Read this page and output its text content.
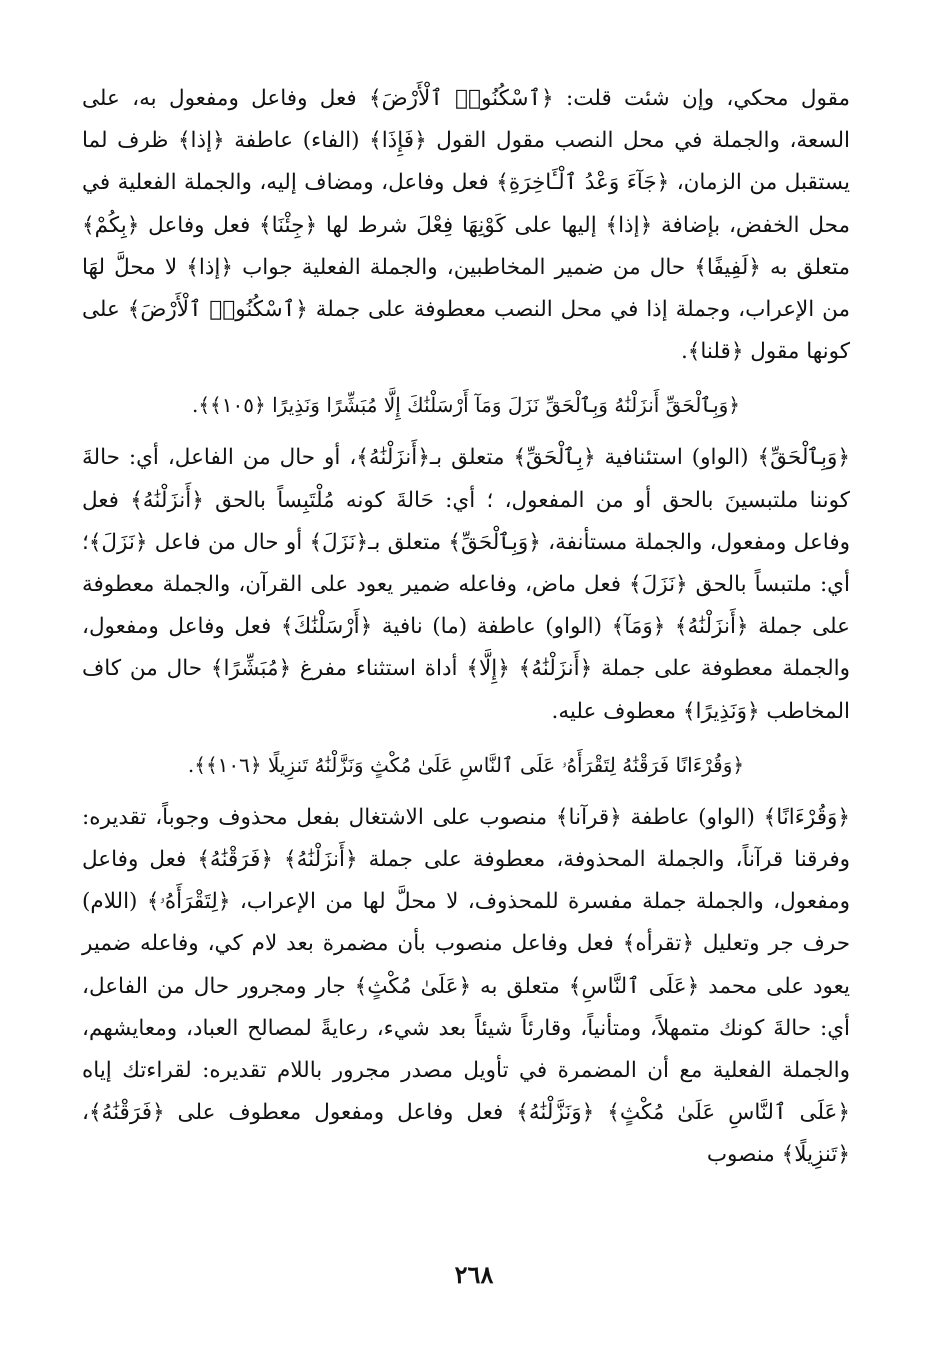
مقول محكي، وإن شئت قلت: ﴿ٱسْكُنُوا۟ ٱلْأَرْضَ﴾ فعل وفاعل ومفعول به، على السعة، والجملة في محل النصب مقول القول ﴿فَإِذَا﴾ (الفاء) عاطفة ﴿إذا﴾ ظرف لما يستقبل من الزمان، ﴿جَآءَ وَعْدُ ٱلْـَٔاخِرَةِ﴾ فعل وفاعل، ومضاف إليه، والجملة الفعلية في محل الخفض، بإضافة ﴿إذا﴾ إليها على كَوْنِهَا فِعْلَ شرط لها ﴿جِئْنَا﴾ فعل وفاعل ﴿بِكُمْ﴾ متعلق به ﴿لَفِيفًا﴾ حال من ضمير المخاطبين، والجملة الفعلية جواب ﴿إذا﴾ لا محلَّ لهَا من الإعراب، وجملة إذا في محل النصب معطوفة على جملة ﴿ٱسْكُنُوا۟ ٱلْأَرْضَ﴾ على كونها مقول ﴿قلنا﴾.

﴿وَبِٱلْحَقِّ أَنزَلْنَٰهُ وَبِٱلْحَقِّ نَزَلَ وَمَآ أَرْسَلْنَٰكَ إِلَّا مُبَشِّرًا وَنَذِيرًا ﴿١٠٥﴾﴾.

﴿وَبِٱلْحَقِّ﴾ (الواو) استئنافية ﴿بِٱلْحَقِّ﴾ متعلق بـ﴿أَنزَلْنَٰهُ﴾، أو حال من الفاعل، أي: حالةَ كوننا ملتبسينَ بالحق أو من المفعول، ؛ أي: حَالةَ كونه مُلْتَبِساً بالحق ﴿أَنزَلْنَٰهُ﴾ فعل وفاعل ومفعول، والجملة مستأنفة، ﴿وَبِٱلْحَقِّ﴾ متعلق بـ﴿نَزَلَ﴾ أو حال من فاعل ﴿نَزَلَ﴾؛ أي: ملتبساً بالحق ﴿نَزَلَ﴾ فعل ماض، وفاعله ضمير يعود على القرآن، والجملة معطوفة على جملة ﴿أَنزَلْنَٰهُ﴾ ﴿وَمَآ﴾ (الواو) عاطفة (ما) نافية ﴿أَرْسَلْنَٰكَ﴾ فعل وفاعل ومفعول، والجملة معطوفة على جملة ﴿أَنزَلْنَٰهُ﴾ ﴿إِلَّا﴾ أداة استثناء مفرغ ﴿مُبَشِّرًا﴾ حال من كاف المخاطب ﴿وَنَذِيرًا﴾ معطوف عليه.

﴿وَقُرْءَانًا فَرَقْنَٰهُ لِتَقْرَأَهُۥ عَلَى ٱلنَّاسِ عَلَىٰ مُكْثٍ وَنَزَّلْنَٰهُ تَنزِيلًا ﴿١٠٦﴾﴾.

﴿وَقُرْءَانًا﴾ (الواو) عاطفة ﴿قرآنا﴾ منصوب على الاشتغال بفعل محذوف وجوباً، تقديره: وفرقنا قرآناً، والجملة المحذوفة، معطوفة على جملة ﴿أَنزَلْنَٰهُ﴾ ﴿فَرَقْنَٰهُ﴾ فعل وفاعل ومفعول، والجملة جملة مفسرة للمحذوف، لا محلَّ لها من الإعراب، ﴿لِتَقْرَأَهُۥ﴾ (اللام) حرف جر وتعليل ﴿تقرأه﴾ فعل وفاعل منصوب بأن مضمرة بعد لام كي، وفاعله ضمير يعود على محمد ﴿عَلَى ٱلنَّاسِ﴾ متعلق به ﴿عَلَىٰ مُكْثٍ﴾ جار ومجرور حال من الفاعل، أي: حالةَ كونك متمهلاً، ومتأنياً، وقارئاً شيئاً بعد شيء، رعايةً لمصالح العباد، ومعايشهم، والجملة الفعلية مع أن المضمرة في تأويل مصدر مجرور باللام تقديره: لقراءتك إياه ﴿عَلَى ٱلنَّاسِ عَلَىٰ مُكْثٍ﴾ ﴿وَنَزَّلْنَٰهُ﴾ فعل وفاعل ومفعول معطوف على ﴿فَرَقْنَٰهُ﴾، ﴿تَنزِيلًا﴾ منصوب

٢٦٨
